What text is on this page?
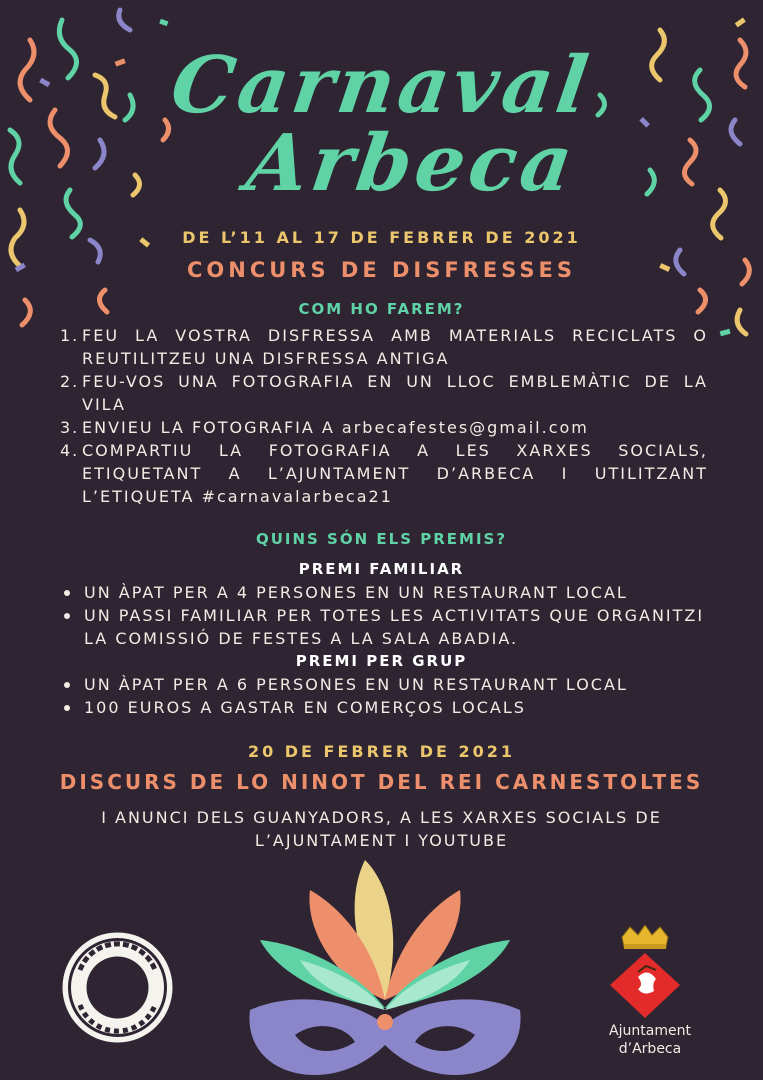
Carnaval
Arbeca
DE L’11 AL 17 DE FEBRER DE 2021
CONCURS DE DISFRESSES
COM HO FAREM?
1. FEU LA VOSTRA DISFRESSA AMB MATERIALS RECICLATS O REUTILITZEU UNA DISFRESSA ANTIGA
2. FEU-VOS UNA FOTOGRAFIA EN UN LLOC EMBLEMÀTIC DE LA VILA
3. ENVIEU LA FOTOGRAFIA A arbecafestes@gmail.com
4. COMPARTIU LA FOTOGRAFIA A LES XARXES SOCIALS, ETIQUETANT A L’AJUNTAMENT D’ARBECA I UTILITZANT L’ETIQUETA #carnavalarbeca21
QUINS SÓN ELS PREMIS?
PREMI FAMILIAR
UN ÀPAT PER A 4 PERSONES EN UN RESTAURANT LOCAL
UN PASSI FAMILIAR PER TOTES LES ACTIVITATS QUE ORGANITZI LA COMISSIÓ DE FESTES A LA SALA ABADIA.
PREMI PER GRUP
UN ÀPAT PER A 6 PERSONES EN UN RESTAURANT LOCAL
100 EUROS A GASTAR EN COMERÇOS LOCALS
20 DE FEBRER DE 2021
DISCURS DE LO NINOT DEL REI CARNESTOLTES
I ANUNCI DELS GUANYADORS, A LES XARXES SOCIALS DE L’AJUNTAMENT I YOUTUBE
Ajuntament
d’Arbeca
